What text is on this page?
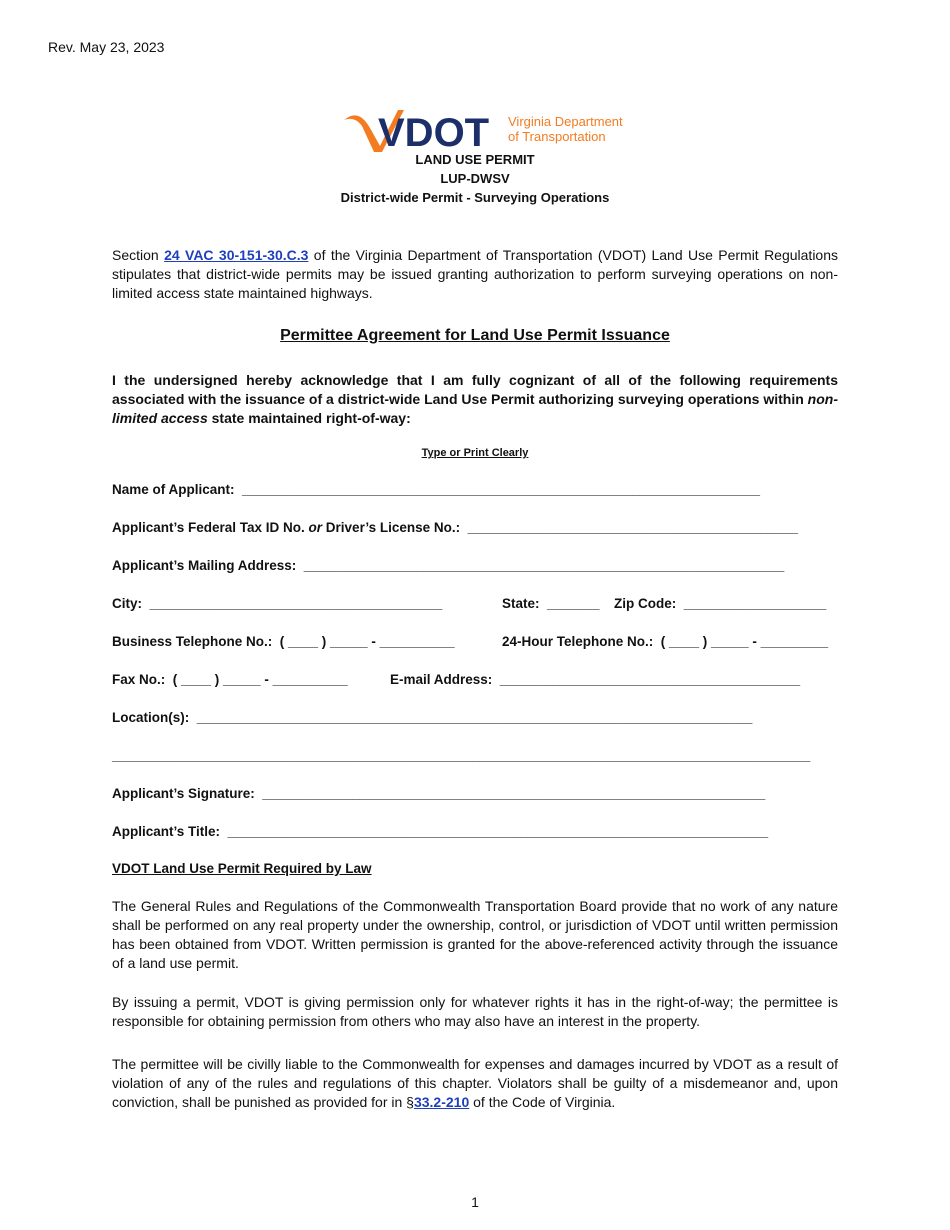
Rev. May 23, 2023
VDOT Virginia Department
of Transportation
LAND USE PERMIT
LUP-DWSV
District-wide Permit - Surveying Operations
Section 24 VAC 30-151-30.C.3 of the Virginia Department of Transportation (VDOT) Land Use Permit Regulations stipulates that district-wide permits may be issued granting authorization to perform surveying operations on non-limited access state maintained highways.
Permittee Agreement for Land Use Permit Issuance
I the undersigned hereby acknowledge that I am fully cognizant of all of the following requirements associated with the issuance of a district-wide Land Use Permit authorizing surveying operations within non-limited access state maintained right-of-way:
Type or Print Clearly
Name of Applicant:  _____________________________________________________________________
Applicant’s Federal Tax ID No. or Driver’s License No.:  ____________________________________________
Applicant’s Mailing Address:  ________________________________________________________________
City:  _______________________________________	State:  _______ Zip Code:  ___________________
Business Telephone No.:  ( ____ ) _____ - __________	24-Hour Telephone No.:  ( ____ ) _____ - _________
Fax No.:  ( ____ ) _____ - __________	E-mail Address:  ________________________________________
Location(s):  __________________________________________________________________________
_____________________________________________________________________________________________
Applicant’s Signature:  ___________________________________________________________________
Applicant’s Title:  ________________________________________________________________________
VDOT Land Use Permit Required by Law
The General Rules and Regulations of the Commonwealth Transportation Board provide that no work of any nature shall be performed on any real property under the ownership, control, or jurisdiction of VDOT until written permission has been obtained from VDOT. Written permission is granted for the above-referenced activity through the issuance of a land use permit.
By issuing a permit, VDOT is giving permission only for whatever rights it has in the right-of-way; the permittee is responsible for obtaining permission from others who may also have an interest in the property.
The permittee will be civilly liable to the Commonwealth for expenses and damages incurred by VDOT as a result of violation of any of the rules and regulations of this chapter. Violators shall be guilty of a misdemeanor and, upon conviction, shall be punished as provided for in §33.2-210 of the Code of Virginia.
1
